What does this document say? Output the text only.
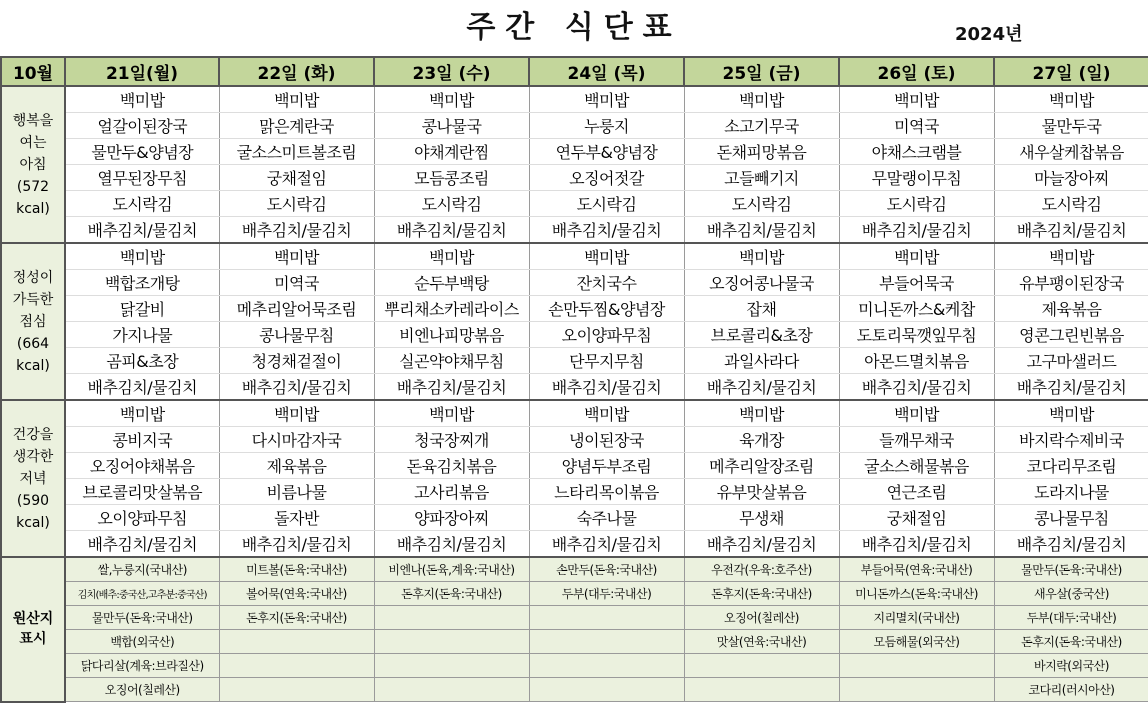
주간 식단표	2024년
10월	21일(월)	22일 (화)	23일 (수)	24일 (목)	25일 (금)	26일 (토)	27일 (일)

행복을
여는
아침
(572
kcal)	백미밥	백미밥	백미밥	백미밥	백미밥	백미밥	백미밥
	얼갈이된장국	맑은계란국	콩나물국	누룽지	소고기무국	미역국	물만두국
	물만두&양념장	굴소스미트볼조림	야채계란찜	연두부&양념장	돈채피망볶음	야채스크램블	새우살케찹볶음
	열무된장무침	궁채절임	모듬콩조림	오징어젓갈	고들빼기지	무말랭이무침	마늘장아찌
	도시락김	도시락김	도시락김	도시락김	도시락김	도시락김	도시락김
	배추김치/물김치	배추김치/물김치	배추김치/물김치	배추김치/물김치	배추김치/물김치	배추김치/물김치	배추김치/물김치

정성이
가득한
점심
(664
kcal)	백미밥	백미밥	백미밥	백미밥	백미밥	백미밥	백미밥
	백합조개탕	미역국	순두부백탕	잔치국수	오징어콩나물국	부들어묵국	유부팽이된장국
	닭갈비	메추리알어묵조림	뿌리채소카레라이스	손만두찜&양념장	잡채	미니돈까스&케찹	제육볶음
	가지나물	콩나물무침	비엔나피망볶음	오이양파무침	브로콜리&초장	도토리묵깻잎무침	영콘그린빈볶음
	곰피&초장	청경채겉절이	실곤약야채무침	단무지무침	과일사라다	아몬드멸치볶음	고구마샐러드
	배추김치/물김치	배추김치/물김치	배추김치/물김치	배추김치/물김치	배추김치/물김치	배추김치/물김치	배추김치/물김치

건강을
생각한
저녁
(590
kcal)	백미밥	백미밥	백미밥	백미밥	백미밥	백미밥	백미밥
	콩비지국	다시마감자국	청국장찌개	냉이된장국	육개장	들깨무채국	바지락수제비국
	오징어야채볶음	제육볶음	돈육김치볶음	양념두부조림	메추리알장조림	굴소스해물볶음	코다리무조림
	브로콜리맛살볶음	비름나물	고사리볶음	느타리목이볶음	유부맛살볶음	연근조림	도라지나물
	오이양파무침	돌자반	양파장아찌	숙주나물	무생채	궁채절임	콩나물무침
	배추김치/물김치	배추김치/물김치	배추김치/물김치	배추김치/물김치	배추김치/물김치	배추김치/물김치	배추김치/물김치

원산지
표시	쌀,누룽지(국내산)	미트볼(돈육:국내산)	비엔나(돈육,계육:국내산)	손만두(돈육:국내산)	우전각(우육:호주산)	부들어묵(연육:국내산)	물만두(돈육:국내산)
	김치(배추:중국산,고추분:중국산)	볼어묵(연육:국내산)	돈후지(돈육:국내산)	두부(대두:국내산)	돈후지(돈육:국내산)	미니돈까스(돈육:국내산)	새우살(중국산)
	물만두(돈육:국내산)	돈후지(돈육:국내산)			오징어(칠레산)	지리멸치(국내산)	두부(대두:국내산)
	백합(외국산)				맛살(연육:국내산)	모듬해물(외국산)	돈후지(돈육:국내산)
	닭다리살(계육:브라질산)						바지락(외국산)
	오징어(칠레산)						코다리(러시아산)
